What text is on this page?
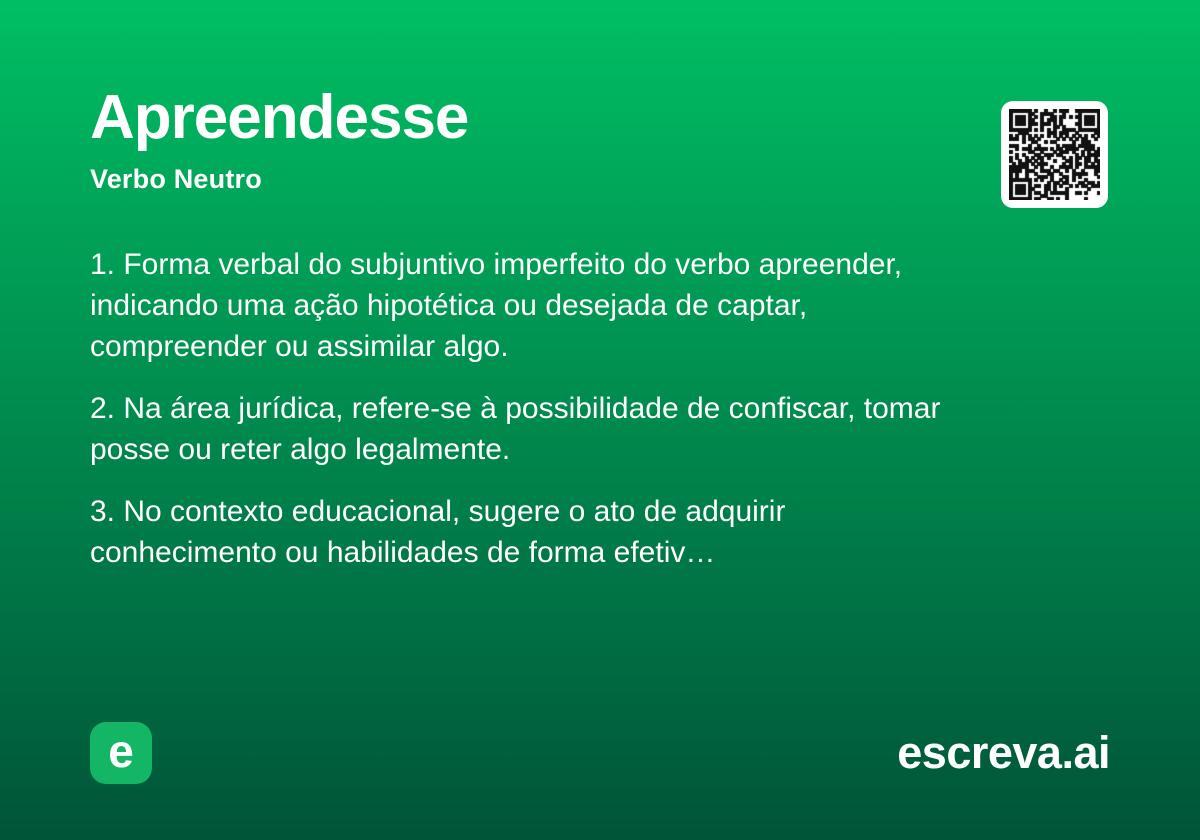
Apreendesse
Verbo Neutro

1. Forma verbal do subjuntivo imperfeito do verbo apreender,
indicando uma ação hipotética ou desejada de captar,
compreender ou assimilar algo.

2. Na área jurídica, refere-se à possibilidade de confiscar, tomar
posse ou reter algo legalmente.

3. No contexto educacional, sugere o ato de adquirir
conhecimento ou habilidades de forma efetiv…

e	escreva.ai
